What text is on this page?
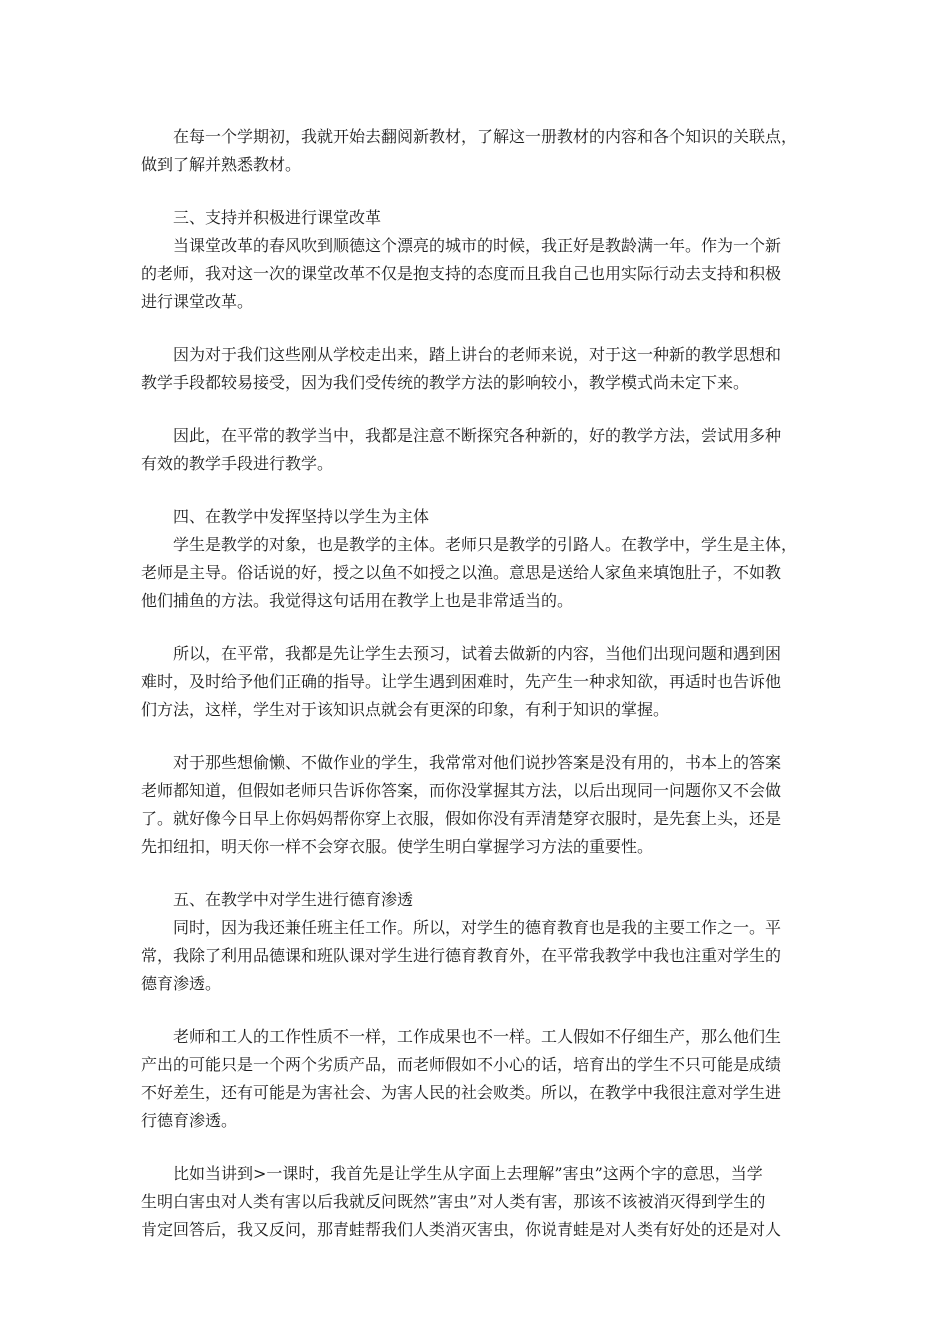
在每一个学期初，我就开始去翻阅新教材，了解这一册教材的内容和各个知识的关联点，
做到了解并熟悉教材。

三、支持并积极进行课堂改革

当课堂改革的春风吹到顺德这个漂亮的城市的时候，我正好是教龄满一年。作为一个新
的老师，我对这一次的课堂改革不仅是抱支持的态度而且我自己也用实际行动去支持和积极
进行课堂改革。

因为对于我们这些刚从学校走出来，踏上讲台的老师来说，对于这一种新的教学思想和
教学手段都较易接受，因为我们受传统的教学方法的影响较小，教学模式尚未定下来。

因此，在平常的教学当中，我都是注意不断探究各种新的，好的教学方法，尝试用多种
有效的教学手段进行教学。

四、在教学中发挥坚持以学生为主体

学生是教学的对象，也是教学的主体。老师只是教学的引路人。在教学中，学生是主体，
老师是主导。俗话说的好，授之以鱼不如授之以渔。意思是送给人家鱼来填饱肚子，不如教
他们捕鱼的方法。我觉得这句话用在教学上也是非常适当的。

所以，在平常，我都是先让学生去预习，试着去做新的内容，当他们出现问题和遇到困
难时，及时给予他们正确的指导。让学生遇到困难时，先产生一种求知欲，再适时也告诉他
们方法，这样，学生对于该知识点就会有更深的印象，有利于知识的掌握。

对于那些想偷懒、不做作业的学生，我常常对他们说抄答案是没有用的，书本上的答案
老师都知道，但假如老师只告诉你答案，而你没掌握其方法，以后出现同一问题你又不会做
了。就好像今日早上你妈妈帮你穿上衣服，假如你没有弄清楚穿衣服时，是先套上头，还是
先扣纽扣，明天你一样不会穿衣服。使学生明白掌握学习方法的重要性。

五、在教学中对学生进行德育渗透

同时，因为我还兼任班主任工作。所以，对学生的德育教育也是我的主要工作之一。平
常，我除了利用品德课和班队课对学生进行德育教育外，在平常我教学中我也注重对学生的
德育渗透。

老师和工人的工作性质不一样，工作成果也不一样。工人假如不仔细生产，那么他们生
产出的可能只是一个两个劣质产品，而老师假如不小心的话，培育出的学生不只可能是成绩
不好差生，还有可能是为害社会、为害人民的社会败类。所以，在教学中我很注意对学生进
行德育渗透。

比如当讲到>一课时，我首先是让学生从字面上去理解”害虫”这两个字的意思，当学
生明白害虫对人类有害以后我就反问既然”害虫”对人类有害，那该不该被消灭得到学生的
肯定回答后，我又反问，那青蛙帮我们人类消灭害虫，你说青蛙是对人类有好处的还是对人
